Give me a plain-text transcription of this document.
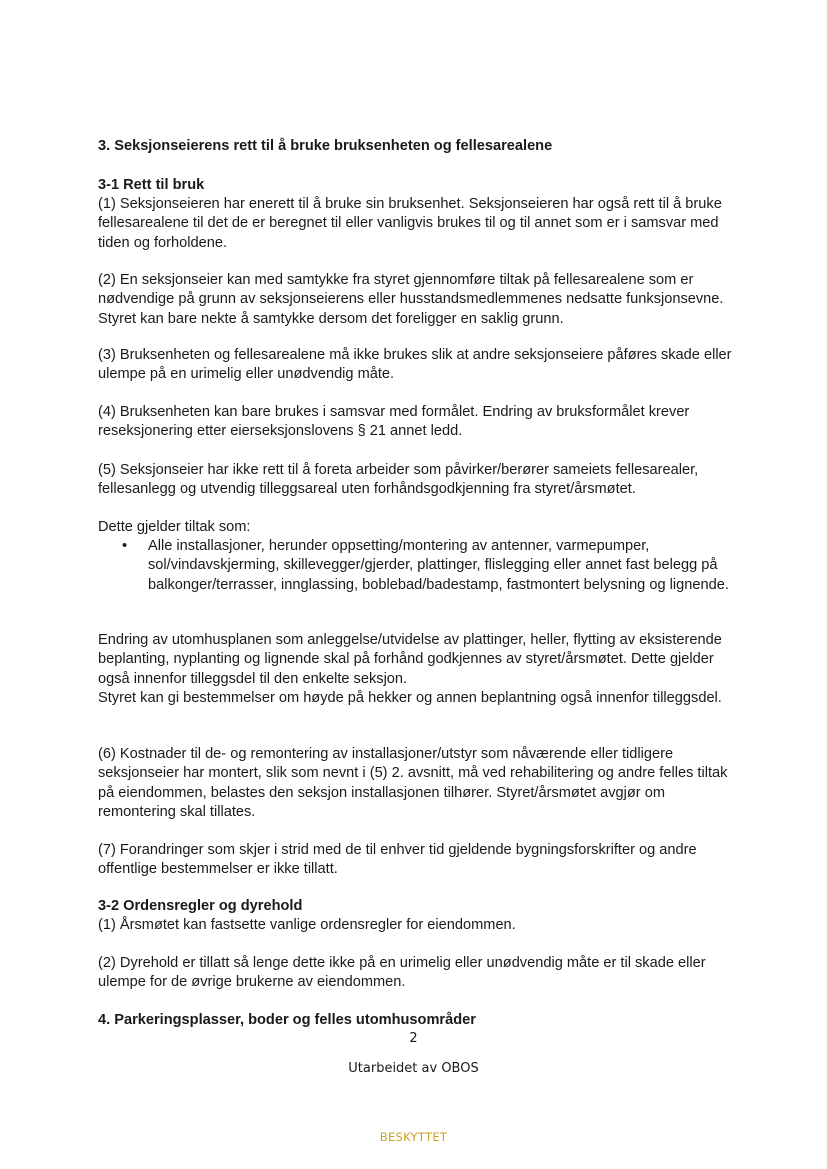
3. Seksjonseierens rett til å bruke bruksenheten og fellesarealene
3-1 Rett til bruk

(1) Seksjonseieren har enerett til å bruke sin bruksenhet. Seksjonseieren har også rett til å bruke fellesarealene til det de er beregnet til eller vanligvis brukes til og til annet som er i samsvar med tiden og forholdene.

(2) En seksjonseier kan med samtykke fra styret gjennomføre tiltak på fellesarealene som er nødvendige på grunn av seksjonseierens eller husstandsmedlemmenes nedsatte funksjonsevne. Styret kan bare nekte å samtykke dersom det foreligger en saklig grunn.

(3) Bruksenheten og fellesarealene må ikke brukes slik at andre seksjonseiere påføres skade eller ulempe på en urimelig eller unødvendig måte.

(4) Bruksenheten kan bare brukes i samsvar med formålet. Endring av bruksformålet krever reseksjonering etter eierseksjonslovens § 21 annet ledd.

(5) Seksjonseier har ikke rett til å foreta arbeider som påvirker/berører sameiets fellesarealer, fellesanlegg og utvendig tilleggsareal uten forhåndsgodkjenning fra styret/årsmøtet.

Dette gjelder tiltak som:

• Alle installasjoner, herunder oppsetting/montering av antenner, varmepumper, sol/vindavskjerming, skillevegger/gjerder, plattinger, flislegging eller annet fast belegg på balkonger/terrasser, innglassing, boblebad/badestamp, fastmontert belysning og lignende.

Endring av utomhusplanen som anleggelse/utvidelse av plattinger, heller, flytting av eksisterende beplanting, nyplanting og lignende skal på forhånd godkjennes av styret/årsmøtet. Dette gjelder også innenfor tilleggsdel til den enkelte seksjon.

Styret kan gi bestemmelser om høyde på hekker og annen beplantning også innenfor tilleggsdel.

(6) Kostnader til de- og remontering av installasjoner/utstyr som nåværende eller tidligere seksjonseier har montert, slik som nevnt i (5) 2. avsnitt, må ved rehabilitering og andre felles tiltak på eiendommen, belastes den seksjon installasjonen tilhører. Styret/årsmøtet avgjør om remontering skal tillates.

(7) Forandringer som skjer i strid med de til enhver tid gjeldende bygningsforskrifter og andre offentlige bestemmelser er ikke tillatt.

3-2 Ordensregler og dyrehold

(1) Årsmøtet kan fastsette vanlige ordensregler for eiendommen.

(2) Dyrehold er tillatt så lenge dette ikke på en urimelig eller unødvendig måte er til skade eller ulempe for de øvrige brukerne av eiendommen.

4. Parkeringsplasser, boder og felles utomhusområder
2
Utarbeidet av OBOS
BESKYTTET
